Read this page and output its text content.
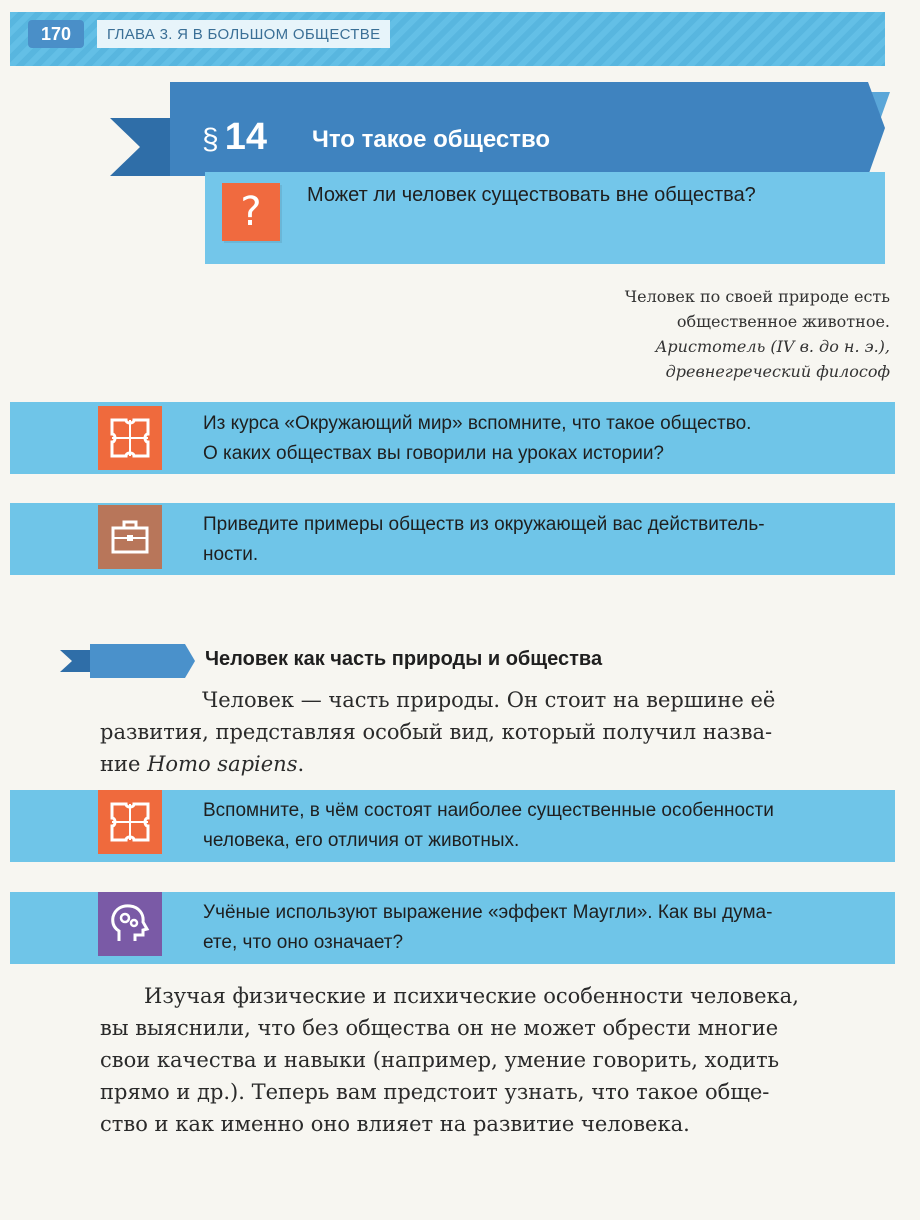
170	ГЛАВА 3. Я В БОЛЬШОМ ОБЩЕСТВЕ
§ 14 Что такое общество
?	Может ли человек существовать вне общества?
Человек по своей природе есть
общественное животное.
Аристотель (IV в. до н. э.),
древнегреческий философ
Из курса «Окружающий мир» вспомните, что такое общество.
О каких обществах вы говорили на уроках истории?
Приведите примеры обществ из окружающей вас действитель-
ности.
Человек как часть природы и общества
Человек — часть природы. Он стоит на вершине её
развития, представляя особый вид, который получил назва-
ние Homo sapiens.
Вспомните, в чём состоят наиболее существенные особенности
человека, его отличия от животных.
Учёные используют выражение «эффект Маугли». Как вы дума-
ете, что оно означает?
Изучая физические и психические особенности человека,
вы выяснили, что без общества он не может обрести многие
свои качества и навыки (например, умение говорить, ходить
прямо и др.). Теперь вам предстоит узнать, что такое обще-
ство и как именно оно влияет на развитие человека.
